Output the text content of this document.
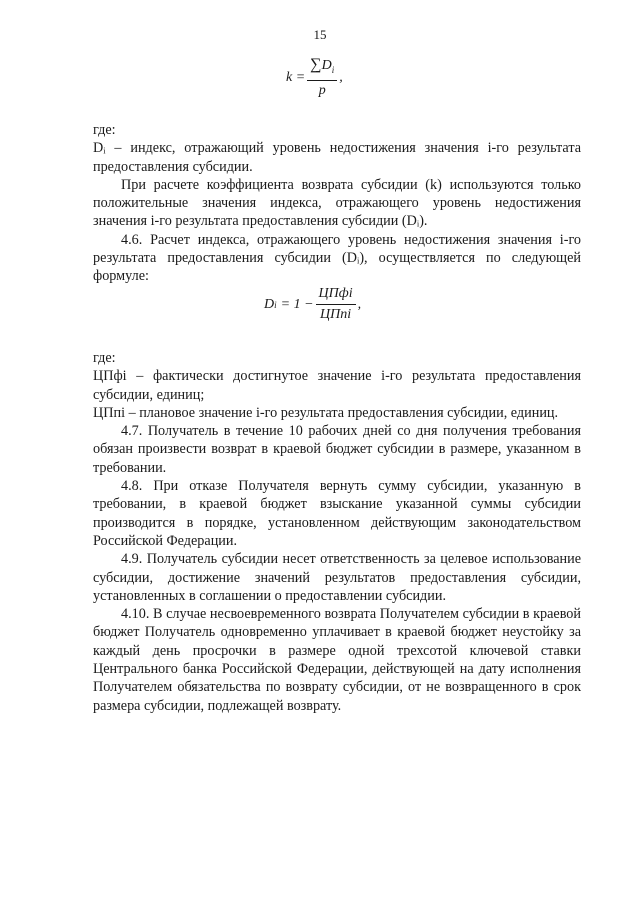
15
$k = \frac{\sum D_i}{p}$ ,

где:

Dᵢ – индекс, отражающий уровень недостижения значения i-го результата предоставления субсидии.

При расчете коэффициента возврата субсидии (k) используются только положительные значения индекса, отражающего уровень недостижения значения i-го результата предоставления субсидии (Dᵢ).

4.6. Расчет индекса, отражающего уровень недостижения значения i-го результата предоставления субсидии (Dᵢ), осуществляется по следующей формуле:

D $i = 1 - \frac{\text{ЦПфi}}{\text{ЦПпi}}$ ,

где:

ЦПфi – фактически достигнутое значение i-го результата предоставления субсидии, единиц;

ЦПпi – плановое значение i-го результата предоставления субсидии, единиц.

4.7. Получатель в течение 10 рабочих дней со дня получения требования обязан произвести возврат в краевой бюджет субсидии в размере, указанном в требовании.

4.8. При отказе Получателя вернуть сумму субсидии, указанную в требовании, в краевой бюджет взыскание указанной суммы субсидии производится в порядке, установленном действующим законодательством Российской Федерации.

4.9. Получатель субсидии несет ответственность за целевое использование субсидии, достижение значений результатов предоставления субсидии, установленных в соглашении о предоставлении субсидии.

4.10. В случае несвоевременного возврата Получателем субсидии в краевой бюджет Получатель одновременно уплачивает в краевой бюджет неустойку за каждый день просрочки в размере одной трехсотой ключевой ставки Центрального банка Российской Федерации, действующей на дату исполнения Получателем обязательства по возврату субсидии, от не возвращенного в срок размера субсидии, подлежащей возврату.
